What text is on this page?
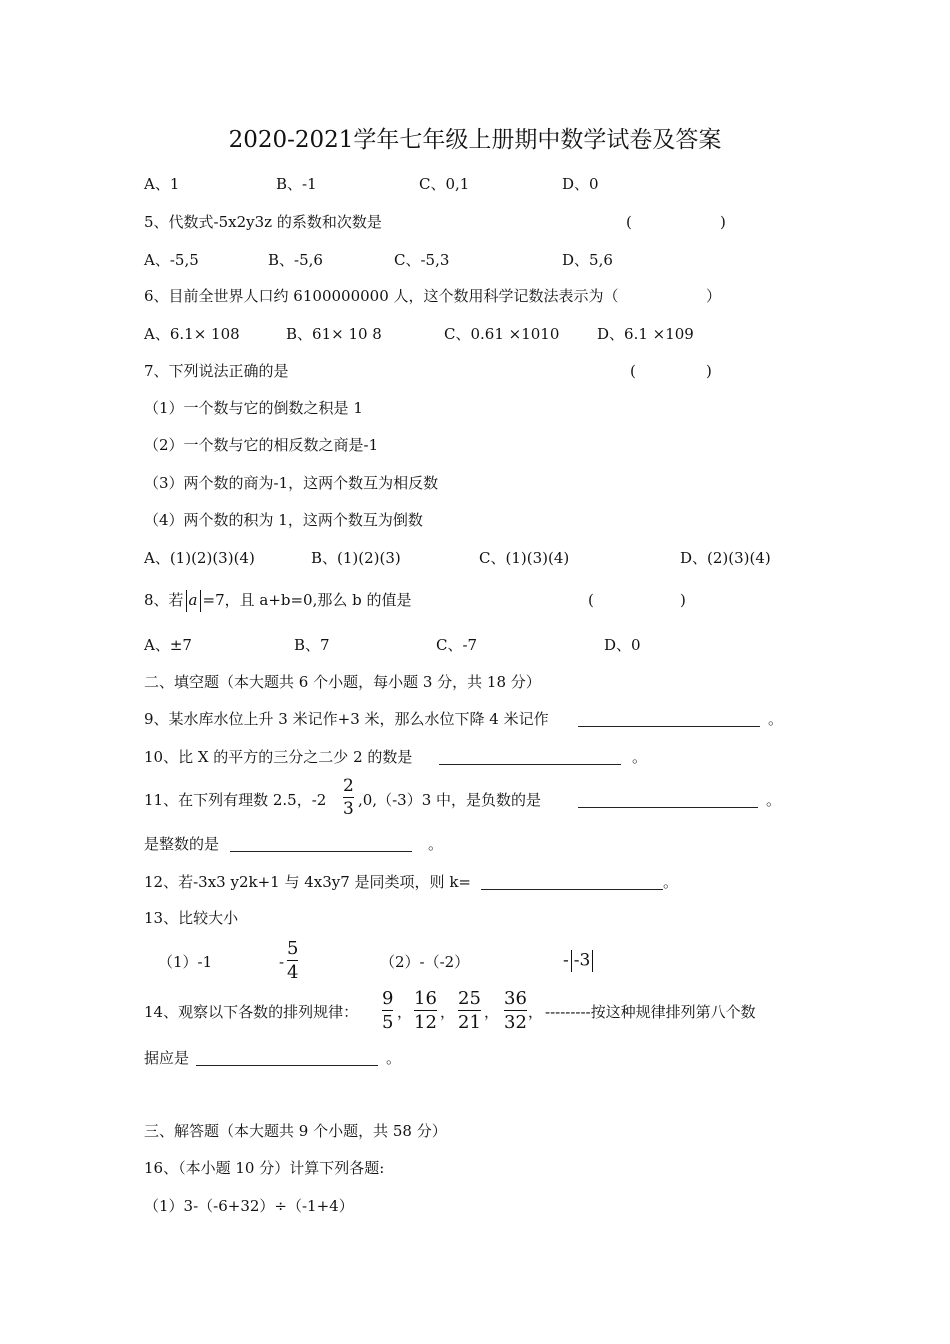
2020-2021学年七年级上册期中数学试卷及答案
A、1	B、-1	C、0,1	D、0
5、代数式-5x2y3z 的系数和次数是	(	)
A、-5,5	B、-5,6	C、-5,3	D、5,6
6、目前全世界人口约 6100000000 人，这个数用科学记数法表示为（	）
A、6.1× 108	B、61× 10 8	C、0.61 ×1010	D、6.1 ×109
7、下列说法正确的是	(	)
（1）一个数与它的倒数之积是 1
（2）一个数与它的相反数之商是-1
（3）两个数的商为-1，这两个数互为相反数
（4）两个数的积为 1，这两个数互为倒数
A、(1)(2)(3)(4)	B、(1)(2)(3)	C、(1)(3)(4)	D、(2)(3)(4)
8、若 a =7，且 a+b=0,那么 b 的值是	(	)
A、±7	B、7	C、-7	D、0
二、填空题（本大题共 6 个小题，每小题 3 分，共 18 分）
9、某水库水位上升 3 米记作+3 米，那么水位下降 4 米记作	。
10、比 X 的平方的三分之二少 2 的数是	。
11、在下列有理数 2.5，-2
2
3 ,0,（-3）3 中，是负数的是	。
是整数的是	。
12、若-3x3 y2k+1 与 4x3y7 是同类项，则 k=	。
13、比较大小
（1）-1	-
5
4	（2）-（-2）	- -3
14、观察以下各数的排列规律：
9
5 ，
16
12 ，
25
21 ，
36
32 ， ---------按这种规律排列第八个数
据应是	。
三、解答题（本大题共 9 个小题，共 58 分）
16、（本小题 10 分）计算下列各题:
（1）3-（-6+32）÷（-1+4）
